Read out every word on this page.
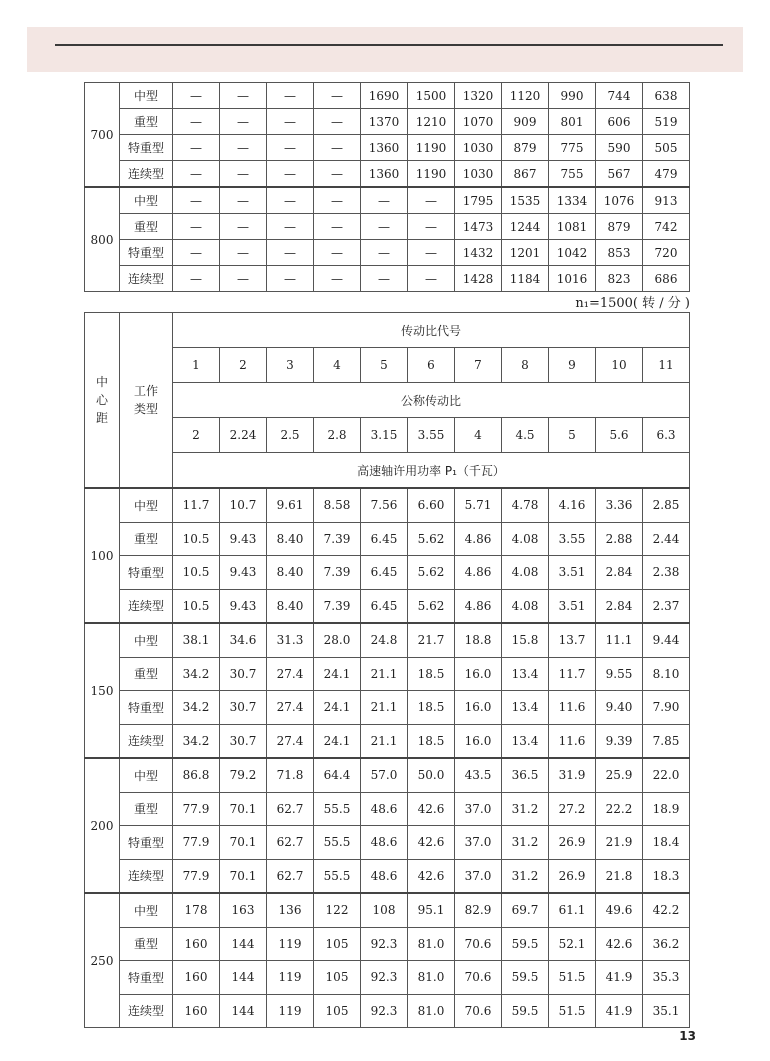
700	中型	—	—	—	—	1690	1500	1320	1120	990	744	638
	重型	—	—	—	—	1370	1210	1070	909	801	606	519
	特重型	—	—	—	—	1360	1190	1030	879	775	590	505
	连续型	—	—	—	—	1360	1190	1030	867	755	567	479
800	中型	—	—	—	—	—	—	1795	1535	1334	1076	913
	重型	—	—	—	—	—	—	1473	1244	1081	879	742
	特重型	—	—	—	—	—	—	1432	1201	1042	853	720
	连续型	—	—	—	—	—	—	1428	1184	1016	823	686
n₁=1500( 转 / 分 )
中心距	工作类型	传动比代号										
		1	2	3	4	5	6	7	8	9	10	11
		公称传动比										
		2	2.24	2.5	2.8	3.15	3.55	4	4.5	5	5.6	6.3
		高速轴许用功率 P₁（千瓦）										
100	中型	11.7	10.7	9.61	8.58	7.56	6.60	5.71	4.78	4.16	3.36	2.85
	重型	10.5	9.43	8.40	7.39	6.45	5.62	4.86	4.08	3.55	2.88	2.44
	特重型	10.5	9.43	8.40	7.39	6.45	5.62	4.86	4.08	3.51	2.84	2.38
	连续型	10.5	9.43	8.40	7.39	6.45	5.62	4.86	4.08	3.51	2.84	2.37
150	中型	38.1	34.6	31.3	28.0	24.8	21.7	18.8	15.8	13.7	11.1	9.44
	重型	34.2	30.7	27.4	24.1	21.1	18.5	16.0	13.4	11.7	9.55	8.10
	特重型	34.2	30.7	27.4	24.1	21.1	18.5	16.0	13.4	11.6	9.40	7.90
	连续型	34.2	30.7	27.4	24.1	21.1	18.5	16.0	13.4	11.6	9.39	7.85
200	中型	86.8	79.2	71.8	64.4	57.0	50.0	43.5	36.5	31.9	25.9	22.0
	重型	77.9	70.1	62.7	55.5	48.6	42.6	37.0	31.2	27.2	22.2	18.9
	特重型	77.9	70.1	62.7	55.5	48.6	42.6	37.0	31.2	26.9	21.9	18.4
	连续型	77.9	70.1	62.7	55.5	48.6	42.6	37.0	31.2	26.9	21.8	18.3
250	中型	178	163	136	122	108	95.1	82.9	69.7	61.1	49.6	42.2
	重型	160	144	119	105	92.3	81.0	70.6	59.5	52.1	42.6	36.2
	特重型	160	144	119	105	92.3	81.0	70.6	59.5	51.5	41.9	35.3
	连续型	160	144	119	105	92.3	81.0	70.6	59.5	51.5	41.9	35.1
13
